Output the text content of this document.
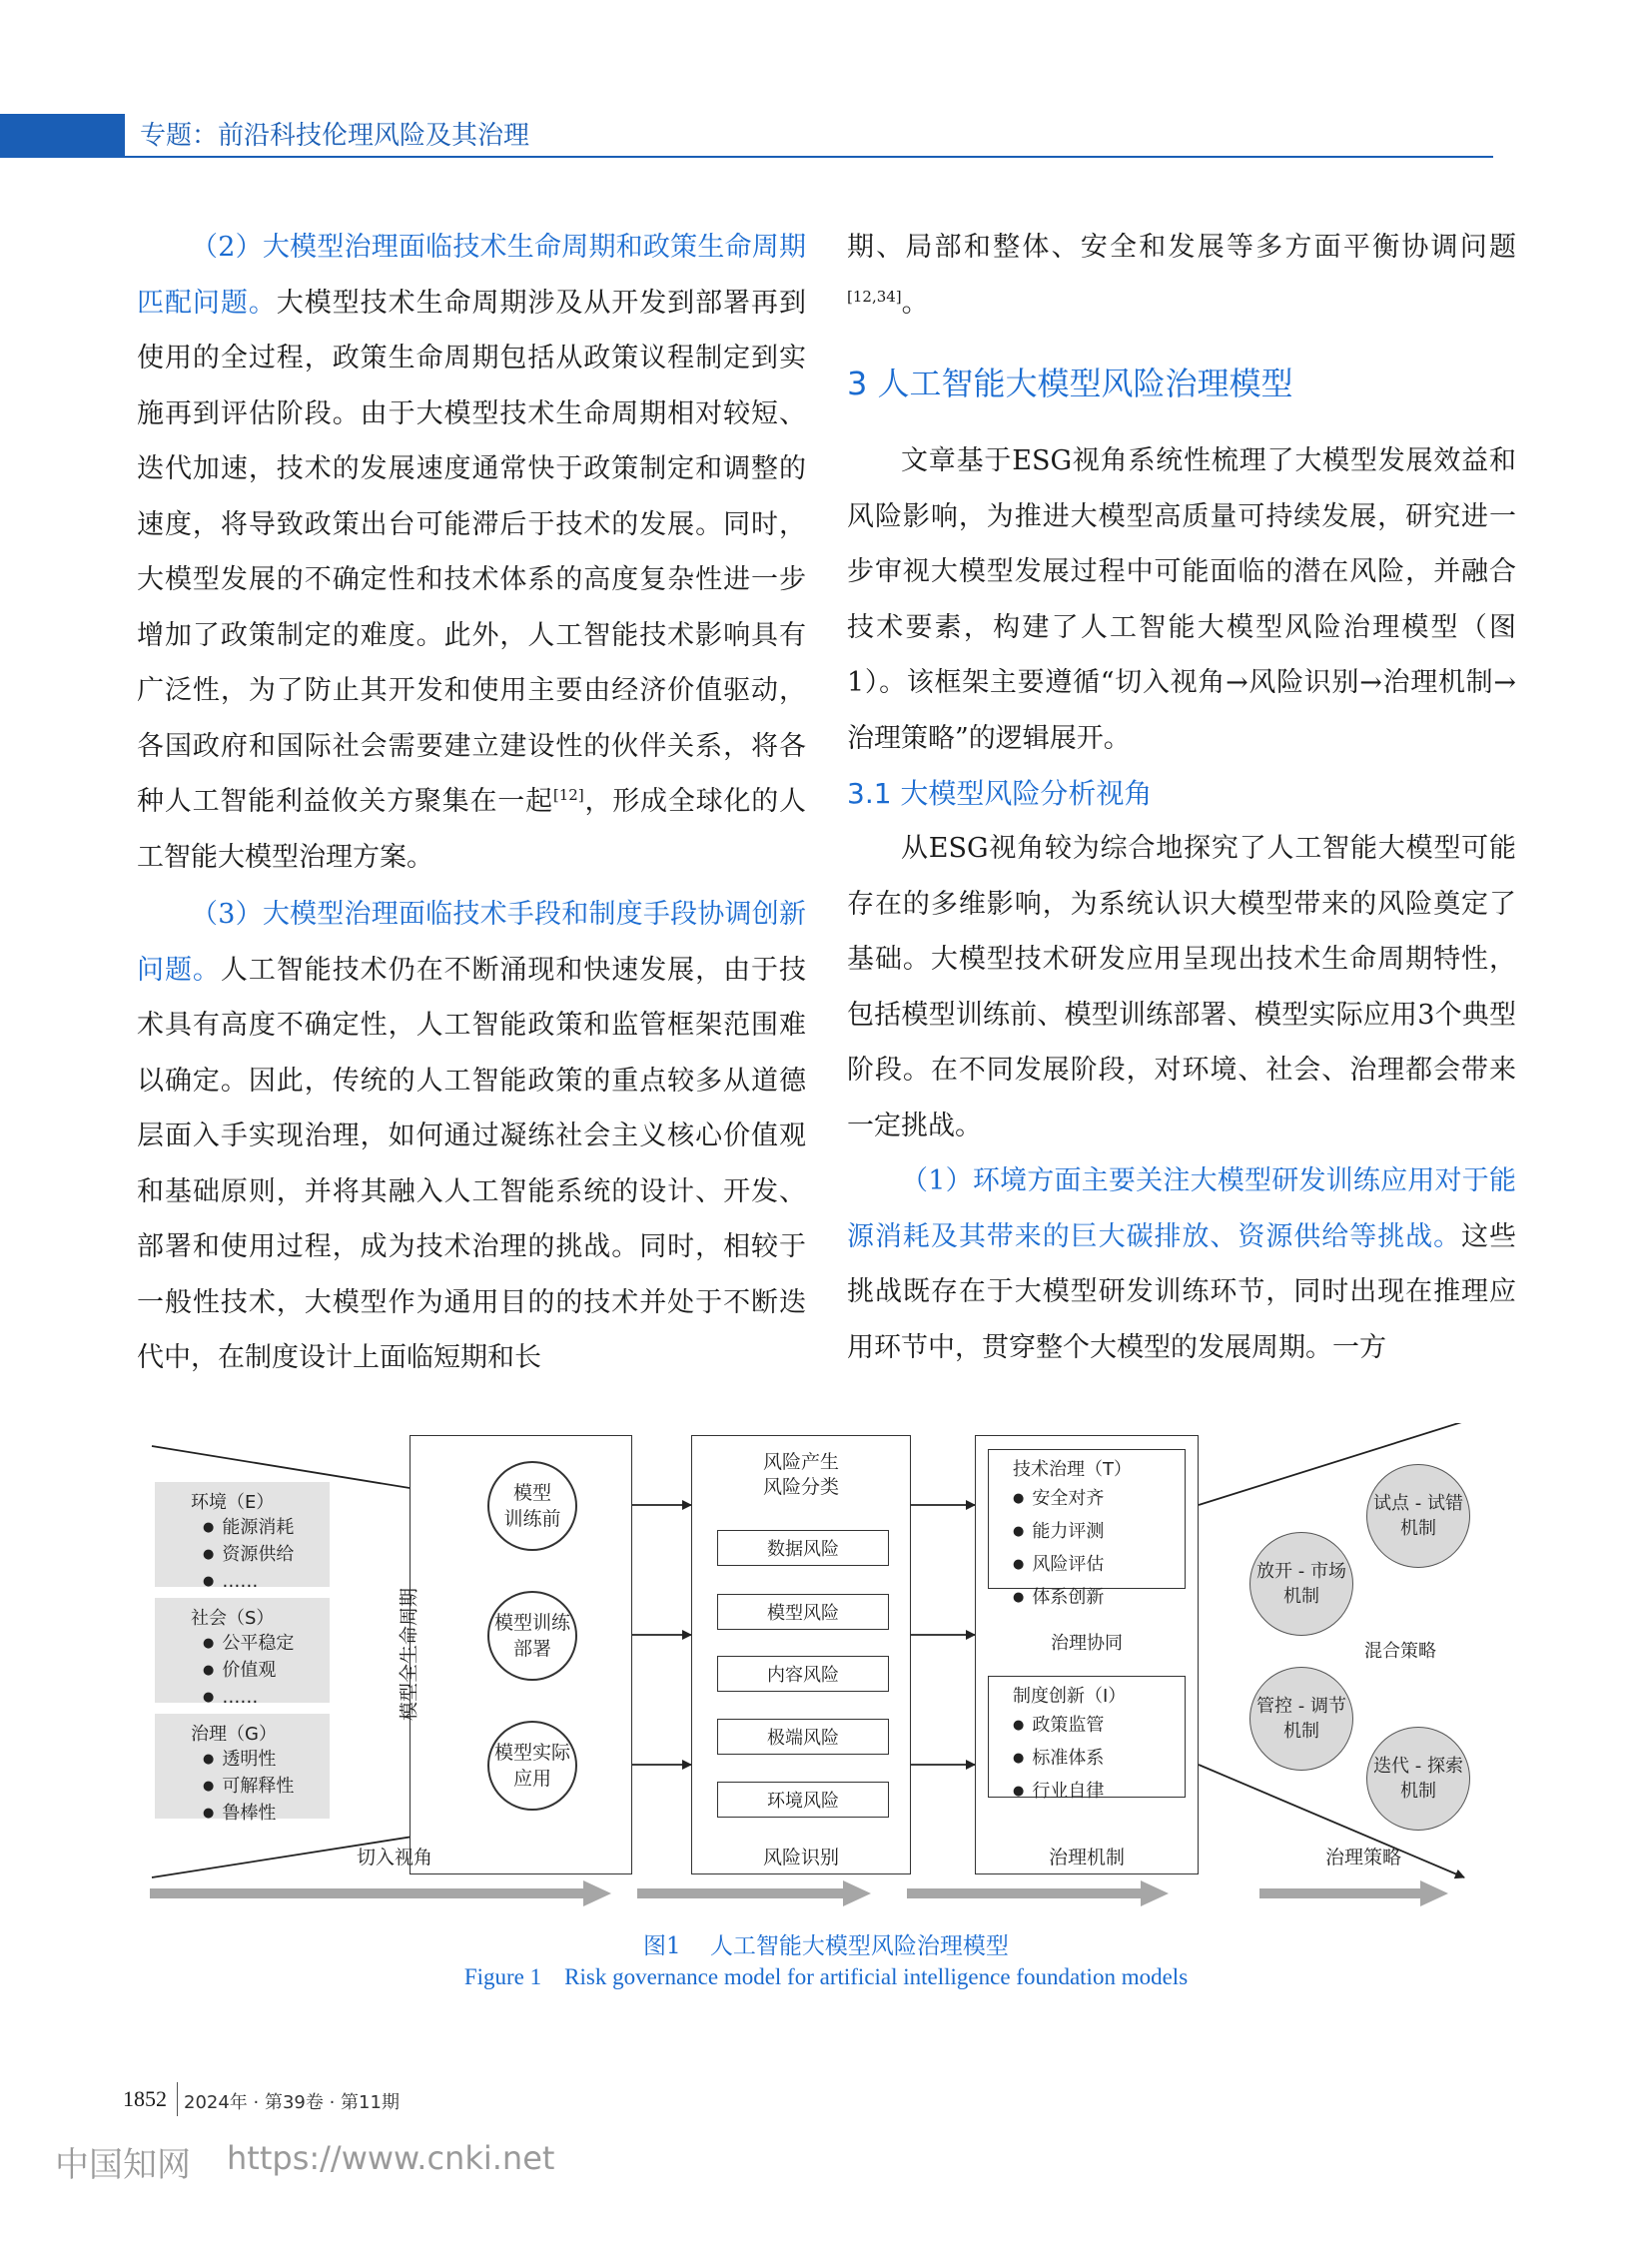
专题：前沿科技伦理风险及其治理

（2）大模型治理面临技术生命周期和政策生命周期匹配问题。大模型技术生命周期涉及从开发到部署再到使用的全过程，政策生命周期包括从政策议程制定到实施再到评估阶段。由于大模型技术生命周期相对较短、迭代加速，技术的发展速度通常快于政策制定和调整的速度，将导致政策出台可能滞后于技术的发展。同时，大模型发展的不确定性和技术体系的高度复杂性进一步增加了政策制定的难度。此外，人工智能技术影响具有广泛性，为了防止其开发和使用主要由经济价值驱动，各国政府和国际社会需要建立建设性的伙伴关系，将各种人工智能利益攸关方聚集在一起[12]，形成全球化的人工智能大模型治理方案。

（3）大模型治理面临技术手段和制度手段协调创新问题。人工智能技术仍在不断涌现和快速发展，由于技术具有高度不确定性，人工智能政策和监管框架范围难以确定。因此，传统的人工智能政策的重点较多从道德层面入手实现治理，如何通过凝练社会主义核心价值观和基础原则，并将其融入人工智能系统的设计、开发、部署和使用过程，成为技术治理的挑战。同时，相较于一般性技术，大模型作为通用目的的技术并处于不断迭代中，在制度设计上面临短期和长

期、局部和整体、安全和发展等多方面平衡协调问题[12,34]。

3 人工智能大模型风险治理模型

文章基于ESG视角系统性梳理了大模型发展效益和风险影响，为推进大模型高质量可持续发展，研究进一步审视大模型发展过程中可能面临的潜在风险，并融合技术要素，构建了人工智能大模型风险治理模型（图1）。该框架主要遵循“切入视角→风险识别→治理机制→治理策略”的逻辑展开。

3.1 大模型风险分析视角

从ESG视角较为综合地探究了人工智能大模型可能存在的多维影响，为系统认识大模型带来的风险奠定了基础。大模型技术研发应用呈现出技术生命周期特性，包括模型训练前、模型训练部署、模型实际应用3个典型阶段。在不同发展阶段，对环境、社会、治理都会带来一定挑战。

（1）环境方面主要关注大模型研发训练应用对于能源消耗及其带来的巨大碳排放、资源供给等挑战。这些挑战既存在于大模型研发训练环节，同时出现在推理应用环节中，贯穿整个大模型的发展周期。一方

环境（E）
● 能源消耗
● 资源供给
● ……
社会（S）
● 公平稳定
● 价值观
● ……
治理（G）
● 透明性
● 可解释性
● 鲁棒性
模型全生命周期
模型
训练前
模型训练
部署
模型实际
应用
风险产生
风险分类
数据风险
模型风险
内容风险
极端风险
环境风险
技术治理（T）
● 安全对齐
● 能力评测
● 风险评估
● 体系创新
治理协同
制度创新（I）
● 政策监管
● 标准体系
● 行业自律
试点 - 试错
机制
放开 - 市场
机制
混合策略
管控 - 调节
机制
迭代 - 探索
机制
切入视角	风险识别	治理机制	治理策略
图1    人工智能大模型风险治理模型
Figure 1    Risk governance model for artificial intelligence foundation models
1852 2024年 · 第39卷 · 第11期
中国知网 https://www.cnki.net
